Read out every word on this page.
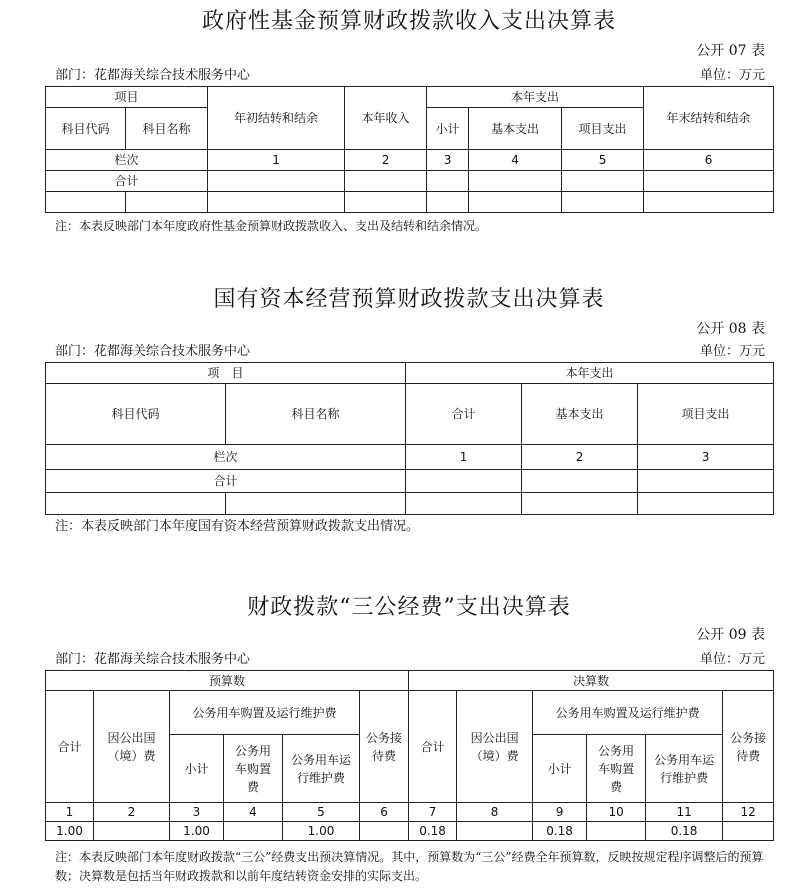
政府性基金预算财政拨款收入支出决算表
公开 07 表
部门：花都海关综合技术服务中心	单位：万元
项目		年初结转和结余	本年收入	本年支出			年末结转和结余
科目代码	科目名称			小计	基本支出	项目支出	
栏次		1	2	3	4	5	6
合计							

注：本表反映部门本年度政府性基金预算财政拨款收入、支出及结转和结余情况。
国有资本经营预算财政拨款支出决算表
公开 08 表
部门：花都海关综合技术服务中心	单位：万元
项　目		本年支出		
科目代码	科目名称	合计	基本支出	项目支出
栏次		1	2	3
合计				

注：本表反映部门本年度国有资本经营预算财政拨款支出情况。
财政拨款“三公经费”支出决算表
公开 09 表
部门：花都海关综合技术服务中心	单位：万元
预算数						决算数					
合计	因公出国（境）费	公务用车购置及运行维护费			公务接待费	合计	因公出国（境）费	公务用车购置及运行维护费			公务接待费
		小计	公务用车购置费	公务用车运行维护费				小计	公务用车购置费	公务用车运行维护费	
1	2	3	4	5	6	7	8	9	10	11	12
1.00		1.00		1.00		0.18		0.18		0.18	
注：本表反映部门本年度财政拨款“三公”经费支出预决算情况。其中，预算数为“三公”经费全年预算数，反映按规定程序调整后的预算数；决算数是包括当年财政拨款和以前年度结转资金安排的实际支出。
